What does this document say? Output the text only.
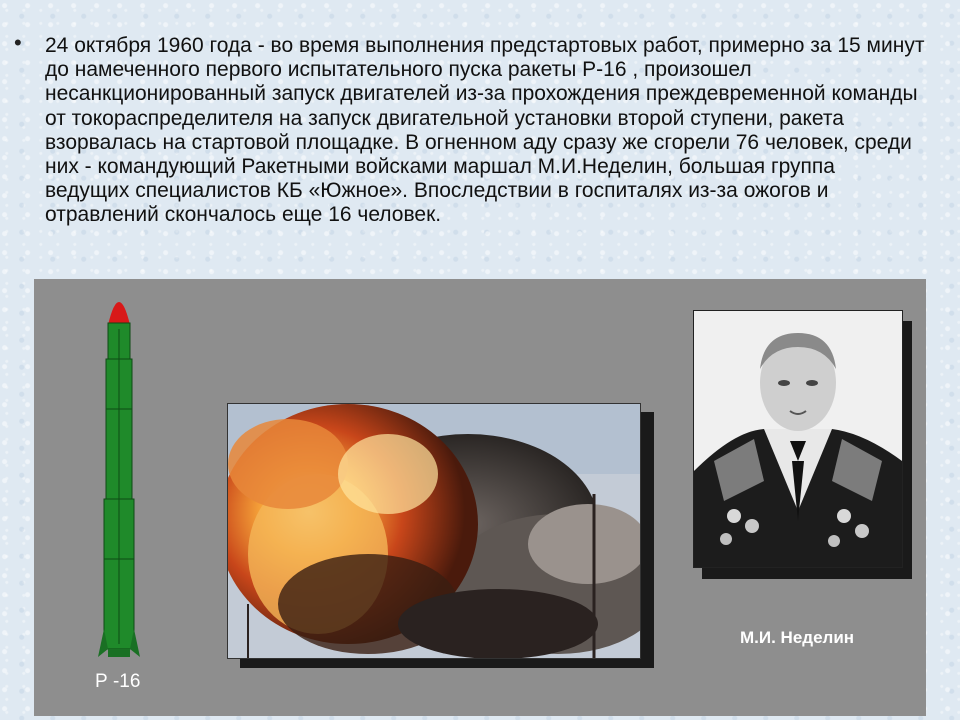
• 24 октября 1960 года - во время выполнения предстартовых работ, примерно за 15 минут до намеченного первого испытательного пуска ракеты Р-16 , произошел несанкционированный запуск двигателей из-за прохождения преждевременной команды от токораспределителя на запуск двигательной установки второй ступени, ракета взорвалась на стартовой площадке. В огненном аду сразу же сгорели 76 человек, среди них - командующий Ракетными войсками маршал М.И.Неделин, большая группа ведущих специалистов КБ «Южное». Впоследствии в госпиталях из-за ожогов и отравлений скончалось еще 16 человек.
Р -16
М.И. Неделин
